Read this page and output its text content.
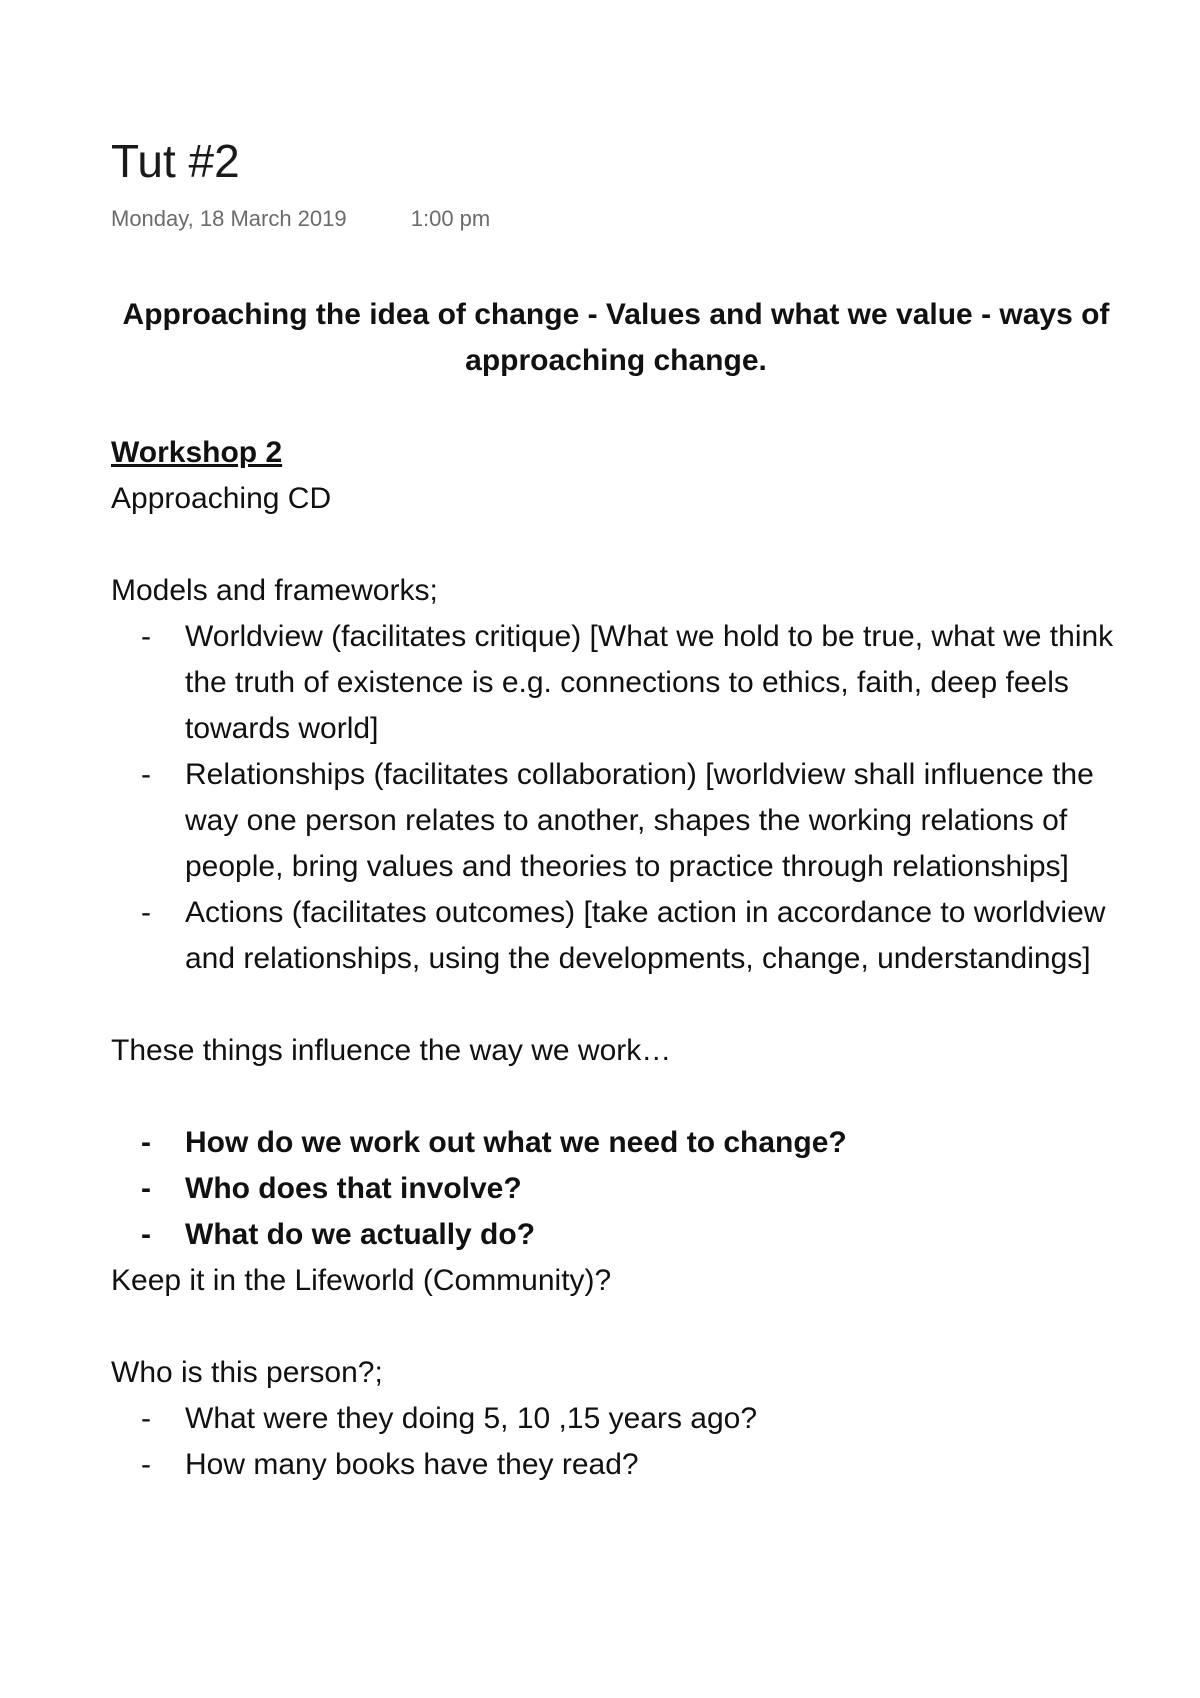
Tut #2
Monday, 18 March 2019	1:00 pm

Approaching the idea of change - Values and what we value - ways of approaching change.

Workshop 2

Approaching CD

Models and frameworks;

- Worldview (facilitates critique) [What we hold to be true, what we think the truth of existence is e.g. connections to ethics, faith, deep feels towards world]
- Relationships (facilitates collaboration) [worldview shall influence the way one person relates to another, shapes the working relations of people, bring values and theories to practice through relationships]
- Actions (facilitates outcomes) [take action in accordance to worldview and relationships, using the developments, change, understandings]

These things influence the way we work…

- How do we work out what we need to change?
- Who does that involve?
- What do we actually do?

Keep it in the Lifeworld (Community)?

Who is this person?;

- What were they doing 5, 10 ,15 years ago?
- How many books have they read?
